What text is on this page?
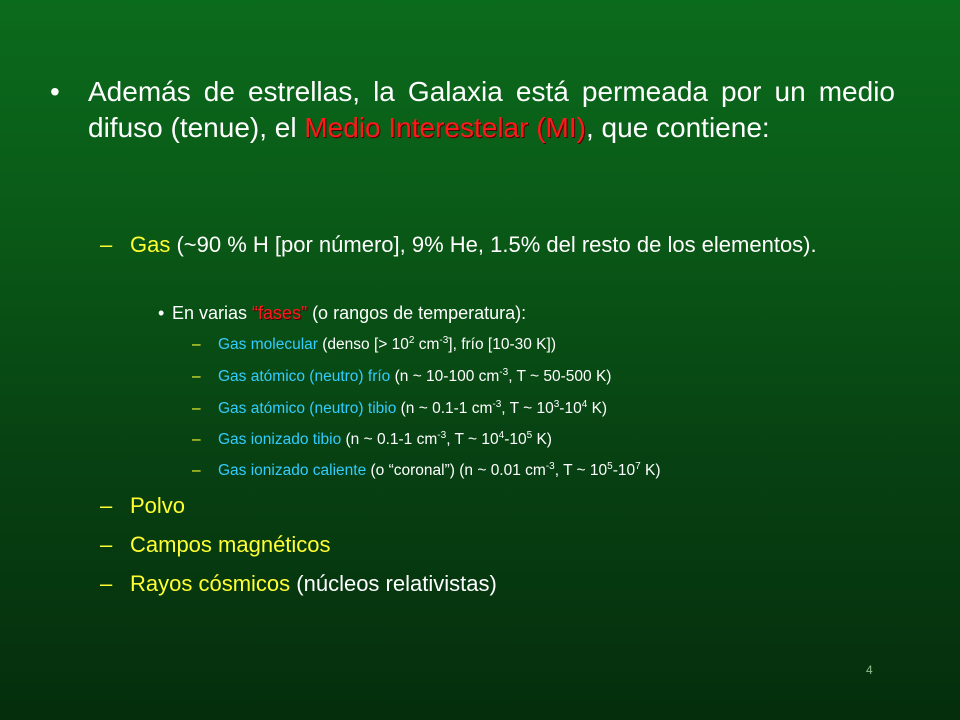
• Además de estrellas, la Galaxia está permeada por un medio difuso (tenue), el Medio Interestelar (MI), que contiene:
– Gas (~90 % H [por número], 9% He, 1.5% del resto de los elementos).
• En varias “fases” (o rangos de temperatura):
– Gas molecular (denso [> $10^2$ $cm^{-3}$], frío [10-30 K])
– Gas atómico (neutro) frío (n ~ 10-100 $cm^{-3}$, T ~ 50-500 K)
– Gas atómico (neutro) tibio (n ~ 0.1-1 $cm^{-3}$, T ~ $10^3-10^4$ K)
– Gas ionizado tibio (n ~ 0.1-1 $cm^{-3}$, T ~ $10^4-10^5$ K)
– Gas ionizado caliente (o “coronal”) (n ~ 0.01 $cm^{-3}$, T ~ $10^5-10^7$ K)
– Polvo
– Campos magnéticos
– Rayos cósmicos (núcleos relativistas)
4
